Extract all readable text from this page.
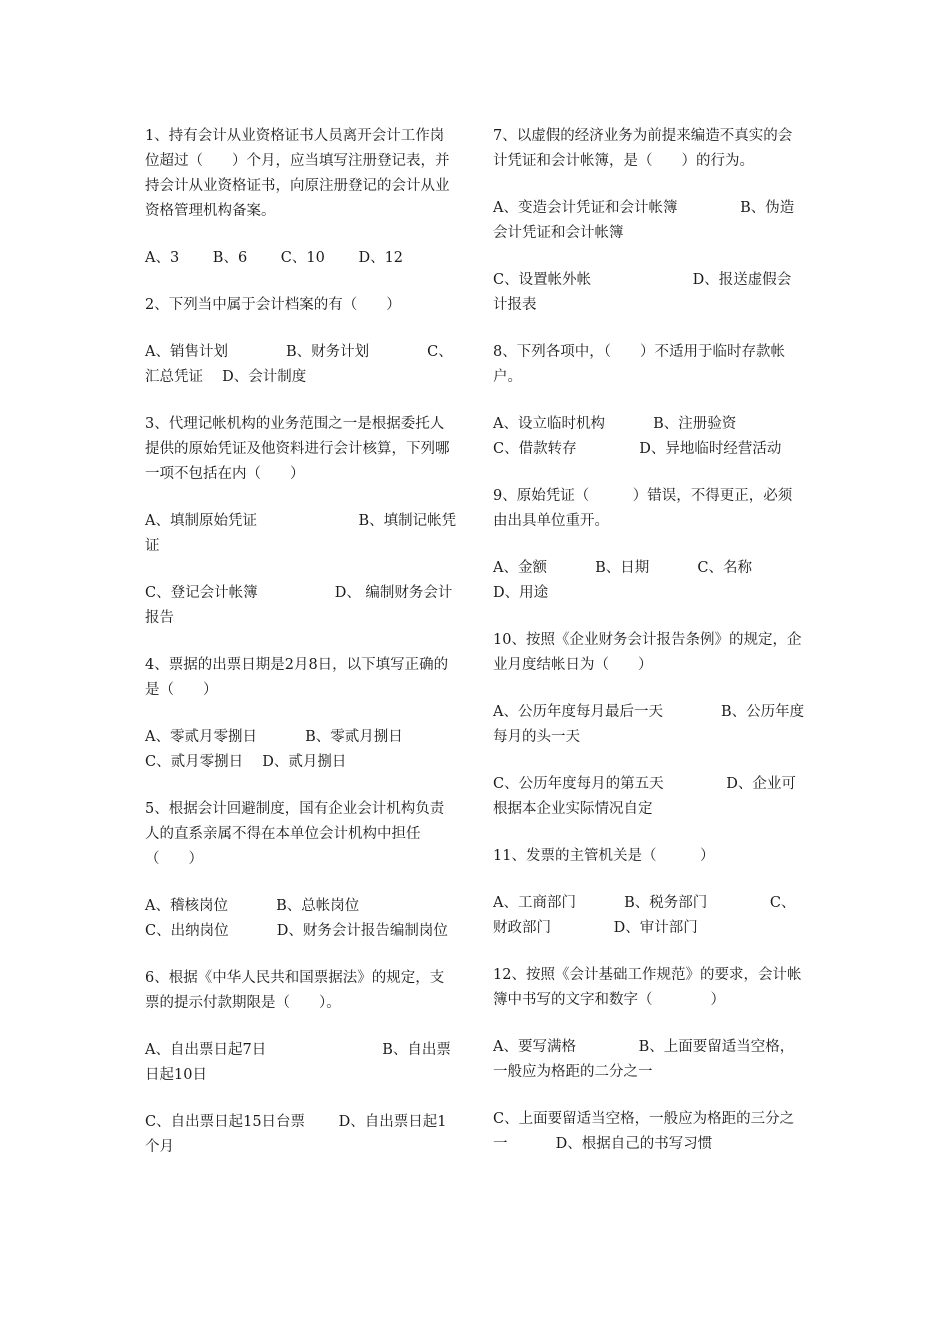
1、持有会计从业资格证书人员离开会计工作岗位超过（　　）个月，应当填写注册登记表，并持会计从业资格证书，向原注册登记的会计从业资格管理机构备案。
A、3　　 B、6　　 C、10　　 D、12
2、下列当中属于会计档案的有（　　）
A、销售计划　　　　B、财务计划　　　　C、汇总凭证　 D、会计制度
3、代理记帐机构的业务范围之一是根据委托人提供的原始凭证及他资料进行会计核算，下列哪一项不包括在内（　　）
A、填制原始凭证　　　　　　　B、填制记帐凭证
C、登记会计帐簿　　　　　 D、 编制财务会计报告
4、票据的出票日期是2月8日，以下填写正确的是（　　）
A、零贰月零捌日　　　 B、零贰月捌日　　　　C、贰月零捌日　 D、贰月捌日
5、根据会计回避制度，国有企业会计机构负责人的直系亲属不得在本单位会计机构中担任（　　）
A、稽核岗位　　　 B、总帐岗位
C、出纳岗位　　　 D、财务会计报告编制岗位
6、根据《中华人民共和国票据法》的规定，支票的提示付款期限是（　　）。
A、自出票日起7日　　　　　　　　B、自出票日起10日
C、自出票日起15日台票　　 D、自出票日起1个月
7、以虚假的经济业务为前提来编造不真实的会计凭证和会计帐簿，是（　　）的行为。
A、变造会计凭证和会计帐簿　　　　 B、伪造会计凭证和会计帐簿
C、设置帐外帐　　　　　　　D、报送虚假会计报表
8、下列各项中，（　　）不适用于临时存款帐户。
A、设立临时机构　　　 B、注册验资　　　C、借款转存　　　　 D、异地临时经营活动
9、原始凭证（　　　）错误，不得更正，必须由出具单位重开。
A、金额　　　 B、日期　　　 C、名称　　　　D、用途
10、按照《企业财务会计报告条例》的规定，企业月度结帐日为（　　）
A、公历年度每月最后一天　　　　B、公历年度每月的头一天
C、公历年度每月的第五天　　　　 D、企业可根据本企业实际情况自定
11、发票的主管机关是（　　　）
A、工商部门　　　 B、税务部门　　　　 C、财政部门　　　　 D、审计部门
12、按照《会计基础工作规范》的要求，会计帐簿中书写的文字和数字（　　　　）
A、要写满格　　　　 B、上面要留适当空格，一般应为格距的二分之一
C、上面要留适当空格，一般应为格距的三分之一　　　 D、根据自己的书写习惯
